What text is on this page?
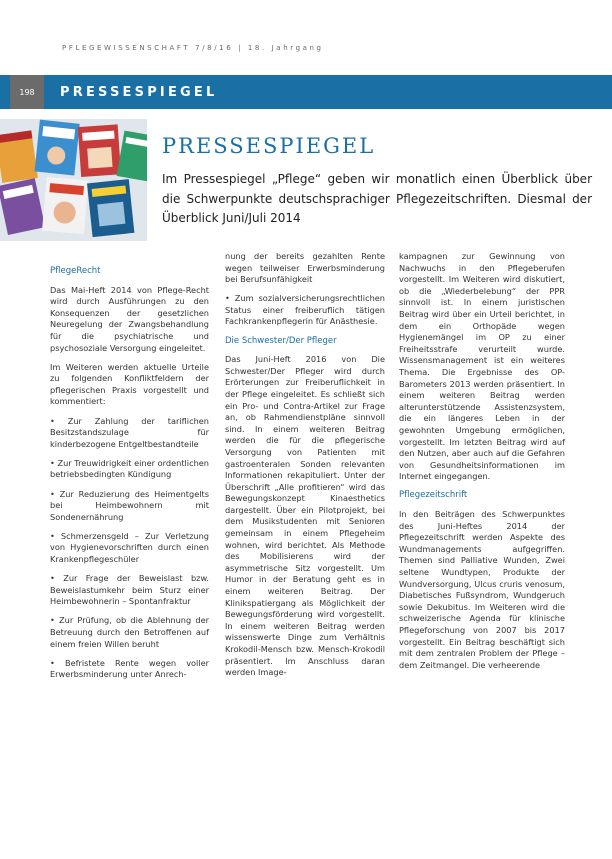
PFLEGEWISSENSCHAFT 7/8/16 | 18. Jahrgang
198	PRESSESPIEGEL
PRESSESPIEGEL
Im Pressespiegel „Pflege“ geben wir monatlich einen Überblick über die Schwerpunkte deutschsprachiger Pflegezeitschriften. Diesmal der Überblick Juni/Juli 2014
PflegeRecht

Das Mai-Heft 2014 von Pflege-Recht wird durch Ausführungen zu den Konsequenzen der gesetzlichen Neuregelung der Zwangsbehandlung für die psychiatrische und psychosoziale Versorgung eingeleitet.

Im Weiteren werden aktuelle Urteile zu folgenden Konfliktfeldern der pflegerischen Praxis vorgestellt und kommentiert:

• Zur Zahlung der tariflichen Besitzstandszulage für kinderbezogene Entgeltbestandteile

• Zur Treuwidrigkeit einer ordentlichen betriebsbedingten Kündigung

• Zur Reduzierung des Heimentgelts bei Heimbewohnern mit Sondenernährung

• Schmerzensgeld – Zur Verletzung von Hygienevorschriften durch einen Krankenpflegeschüler

• Zur Frage der Beweislast bzw. Beweislastumkehr beim Sturz einer Heimbewohnerin – Spontanfraktur

• Zur Prüfung, ob die Ablehnung der Betreuung durch den Betroffenen auf einem freien Willen beruht

• Befristete Rente wegen voller Erwerbsminderung unter Anrech-

nung der bereits gezahlten Rente wegen teilweiser Erwerbsminderung bei Berufsunfähigkeit

• Zum sozialversicherungsrechtlichen Status einer freiberuflich tätigen Fachkrankenpflegerin für Anästhesie.

Die Schwester/Der Pfleger

Das Juni-Heft 2016 von Die Schwester/Der Pfleger wird durch Erörterungen zur Freiberuflichkeit in der Pflege eingeleitet. Es schließt sich ein Pro- und Contra-Artikel zur Frage an, ob Rahmendienstpläne sinnvoll sind. In einem weiteren Beitrag werden die für die pflegerische Versorgung von Patienten mit gastroenteralen Sonden relevanten Informationen rekapituliert. Unter der Überschrift „Alle profitieren“ wird das Bewegungskonzept Kinaesthetics dargestellt. Über ein Pilotprojekt, bei dem Musikstudenten mit Senioren gemeinsam in einem Pflegeheim wohnen, wird berichtet. Als Methode des Mobilisierens wird der asymmetrische Sitz vorgestellt. Um Humor in der Beratung geht es in einem weiteren Beitrag. Der Klinikspatiergang als Möglichkeit der Bewegungsförderung wird vorgestellt. In einem weiteren Beitrag werden wissenswerte Dinge zum Verhältnis Krokodil-Mensch bzw. Mensch-Krokodil präsentiert. Im Anschluss daran werden Image-

kampagnen zur Gewinnung von Nachwuchs in den Pflegeberufen vorgestellt. Im Weiteren wird diskutiert, ob die „Wiederbelebung“ der PPR sinnvoll ist. In einem juristischen Beitrag wird über ein Urteil berichtet, in dem ein Orthopäde wegen Hygienemängel im OP zu einer Freiheitsstrafe verurteilt wurde. Wissensmanagement ist ein weiteres Thema. Die Ergebnisse des OP-Barometers 2013 werden präsentiert. In einem weiteren Beitrag werden alterunterstützende Assistenzsystem, die ein längeres Leben in der gewohnten Umgebung ermöglichen, vorgestellt. Im letzten Beitrag wird auf den Nutzen, aber auch auf die Gefahren von Gesundheitsinformationen im Internet eingegangen.

Pflegezeitschrift

In den Beiträgen des Schwerpunktes des Juni-Heftes 2014 der Pflegezeitschrift werden Aspekte des Wundmanagements aufgegriffen. Themen sind Palliative Wunden, Zwei seltene Wundtypen, Produkte der Wundversorgung, Ulcus cruris venosum, Diabetisches Fußsyndrom, Wundgeruch sowie Dekubitus. Im Weiteren wird die schweizerische Agenda für klinische Pflegeforschung von 2007 bis 2017 vorgestellt. Ein Beitrag beschäftigt sich mit dem zentralen Problem der Pflege – dem Zeitmangel. Die verheerende
